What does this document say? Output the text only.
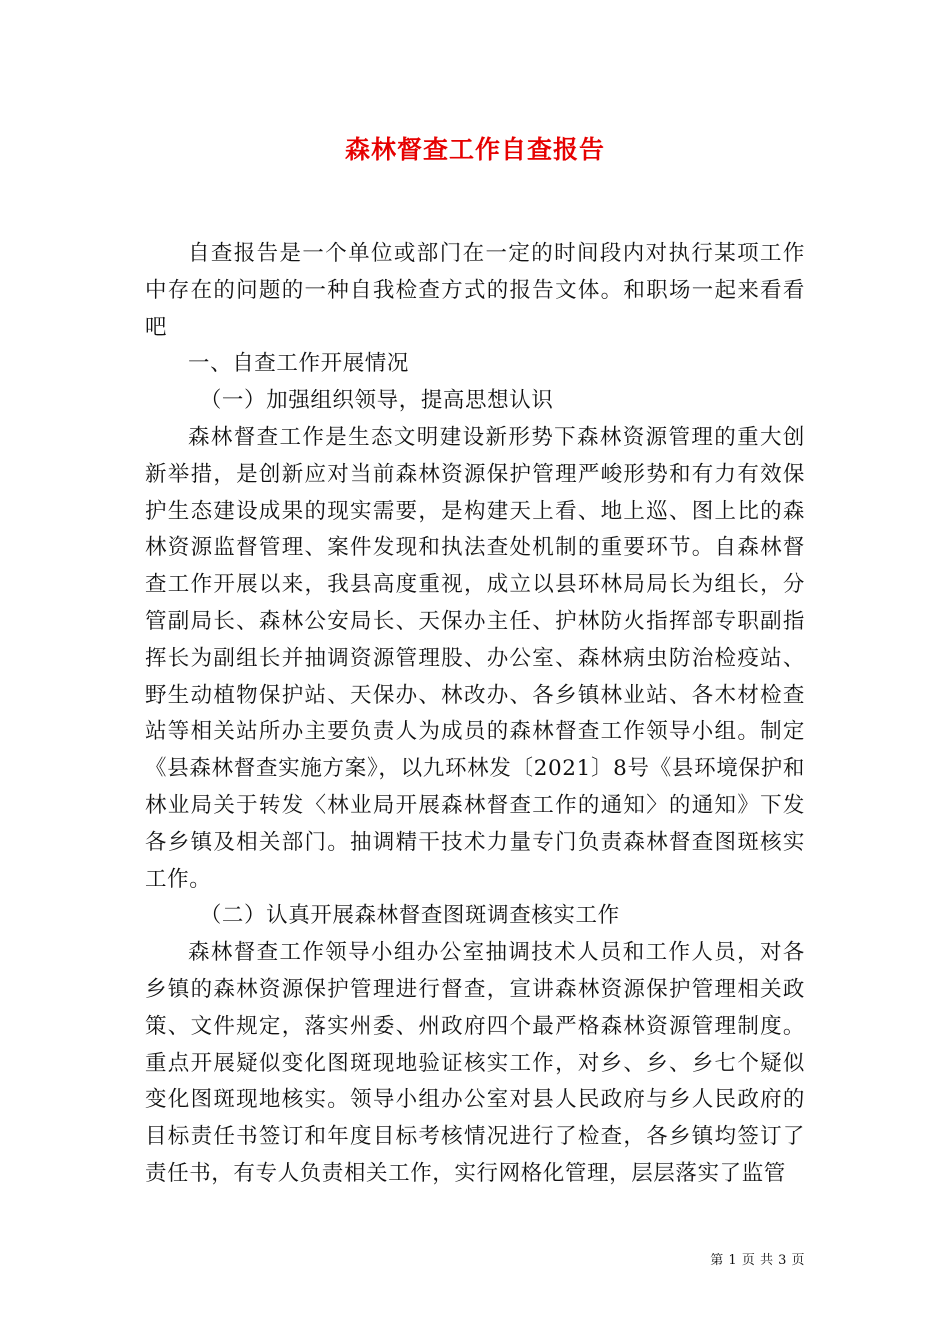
森林督查工作自查报告

自查报告是一个单位或部门在一定的时间段内对执行某项工作中存在的问题的一种自我检查方式的报告文体。和职场一起来看看吧

一、自查工作开展情况

（一）加强组织领导，提高思想认识

森林督查工作是生态文明建设新形势下森林资源管理的重大创新举措，是创新应对当前森林资源保护管理严峻形势和有力有效保护生态建设成果的现实需要，是构建天上看、地上巡、图上比的森林资源监督管理、案件发现和执法查处机制的重要环节。自森林督查工作开展以来，我县高度重视，成立以县环林局局长为组长，分管副局长、森林公安局长、天保办主任、护林防火指挥部专职副指挥长为副组长并抽调资源管理股、办公室、森林病虫防治检疫站、野生动植物保护站、天保办、林改办、各乡镇林业站、各木材检查站等相关站所办主要负责人为成员的森林督查工作领导小组。制定《县森林督查实施方案》，以九环林发〔2021〕8号《县环境保护和林业局关于转发〈林业局开展森林督查工作的通知〉的通知》下发各乡镇及相关部门。抽调精干技术力量专门负责森林督查图斑核实工作。

（二）认真开展森林督查图斑调查核实工作

森林督查工作领导小组办公室抽调技术人员和工作人员，对各乡镇的森林资源保护管理进行督查，宣讲森林资源保护管理相关政策、文件规定，落实州委、州政府四个最严格森林资源管理制度。重点开展疑似变化图斑现地验证核实工作，对乡、乡、乡七个疑似变化图斑现地核实。领导小组办公室对县人民政府与乡人民政府的目标责任书签订和年度目标考核情况进行了检查，各乡镇均签订了责任书，有专人负责相关工作，实行网格化管理，层层落实了监管

第 1 页 共 3 页
